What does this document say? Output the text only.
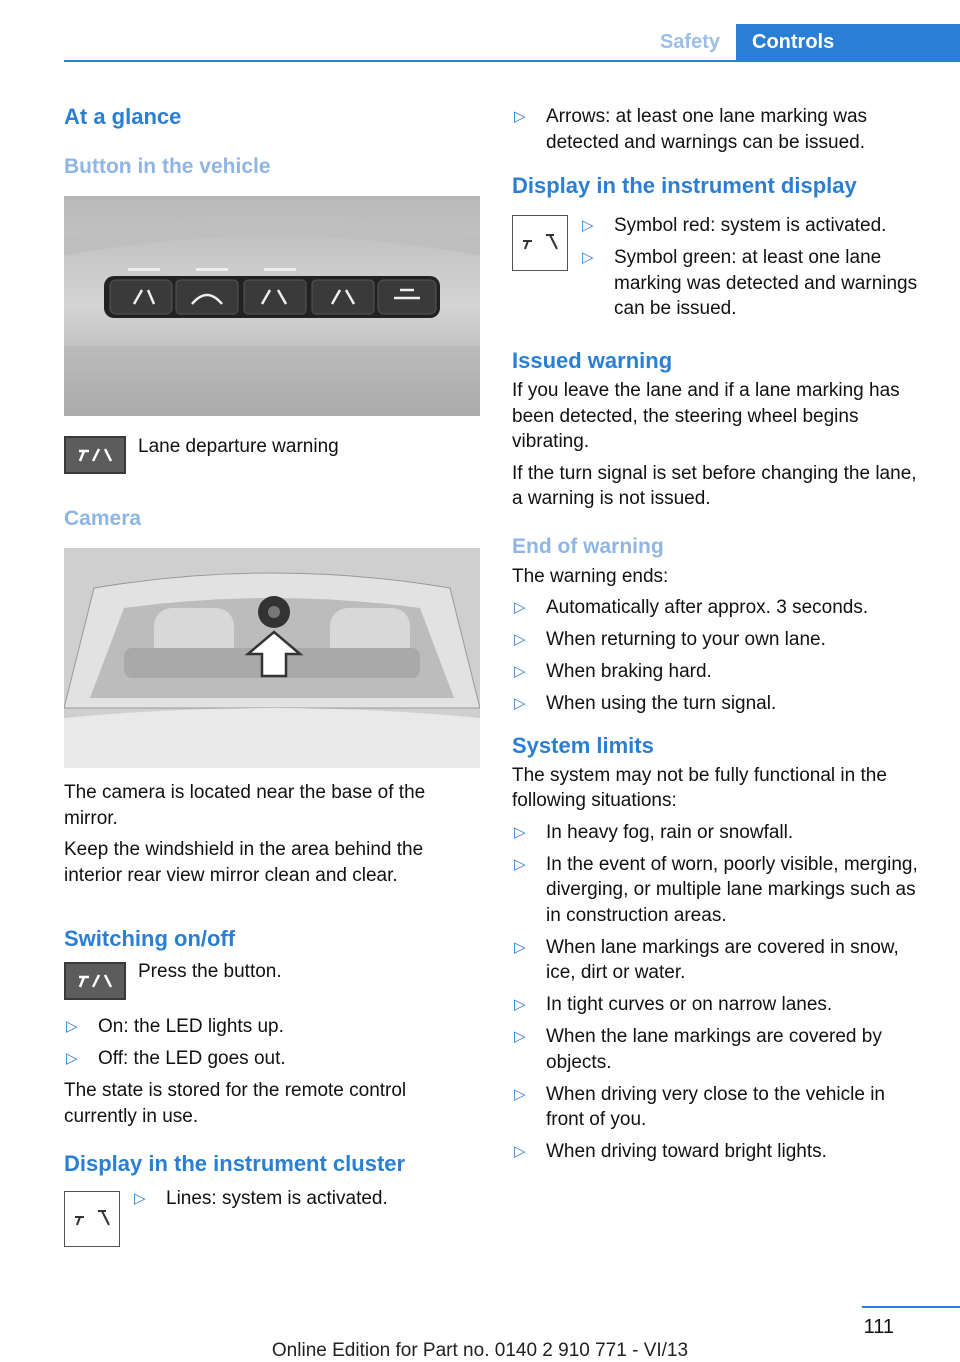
Safety	Controls
At a glance
Button in the vehicle

Lane departure warning

Camera

The camera is located near the base of the mirror.

Keep the windshield in the area behind the interior rear view mirror clean and clear.

Switching on/off

Press the button.

▷ On: the LED lights up.
▷ Off: the LED goes out.

The state is stored for the remote control currently in use.

Display in the instrument cluster
▷ Lines: system is activated.
▷ Arrows: at least one lane marking was detected and warnings can be issued.
Display in the instrument display
▷ Symbol red: system is activated.
▷ Symbol green: at least one lane marking was detected and warnings can be issued.
Issued warning

If you leave the lane and if a lane marking has been detected, the steering wheel begins vibrating.

If the turn signal is set before changing the lane, a warning is not issued.

End of warning

The warning ends:

▷ Automatically after approx. 3 seconds.
▷ When returning to your own lane.
▷ When braking hard.
▷ When using the turn signal.
System limits

The system may not be fully functional in the following situations:

▷ In heavy fog, rain or snowfall.
▷ In the event of worn, poorly visible, merging, diverging, or multiple lane markings such as in construction areas.
▷ When lane markings are covered in snow, ice, dirt or water.
▷ In tight curves or on narrow lanes.
▷ When the lane markings are covered by objects.
▷ When driving very close to the vehicle in front of you.
▷ When driving toward bright lights.
111
Online Edition for Part no. 0140 2 910 771 - VI/13
